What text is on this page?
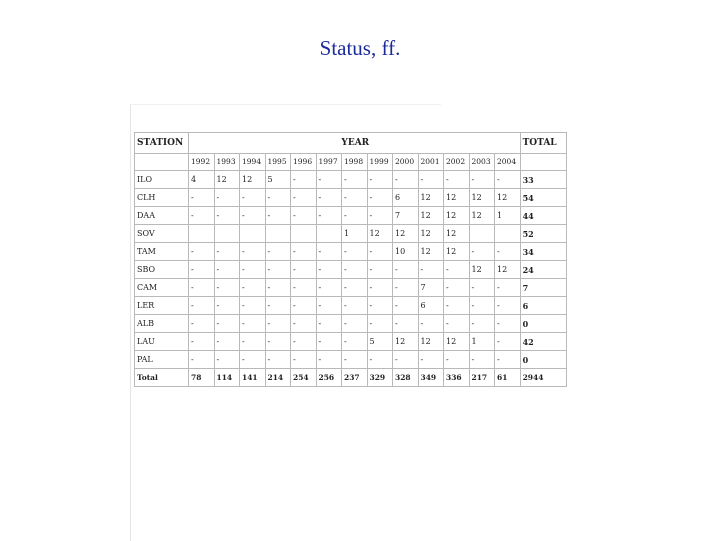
Status, ff.
STATION	YEAR													TOTAL
	1992	1993	1994	1995	1996	1997	1998	1999	2000	2001	2002	2003	2004	
ILO	4	12	12	5	-	-	-	-	-	-	-	-	-	33
CLH	-	-	-	-	-	-	-	-	6	12	12	12	12	54
DAA	-	-	-	-	-	-	-	-	7	12	12	12	1	44
SOV							1	12	12	12	12			52
TAM	-	-	-	-	-	-	-	-	10	12	12	-	-	34
SBO	-	-	-	-	-	-	-	-	-	-	-	12	12	24
CAM	-	-	-	-	-	-	-	-	-	7	-	-	-	7
LER	-	-	-	-	-	-	-	-	-	6	-	-	-	6
ALB	-	-	-	-	-	-	-	-	-	-	-	-	-	0
LAU	-	-	-	-	-	-	-	5	12	12	12	1	-	42
PAL	-	-	-	-	-	-	-	-	-	-	-	-	-	0
Total	78	114	141	214	254	256	237	329	328	349	336	217	61	2944
